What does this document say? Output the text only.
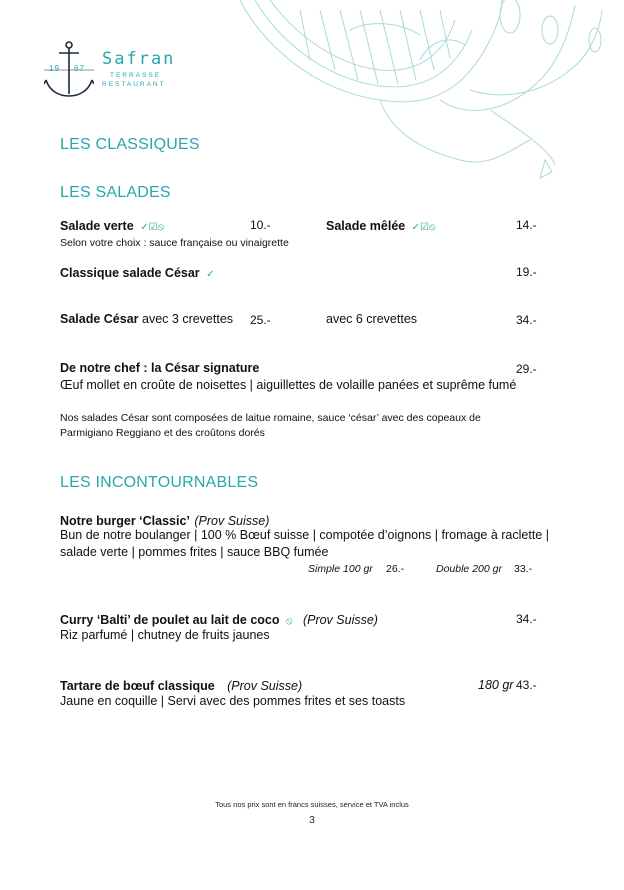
19 67 Safran
TERRASSE
RESTAURANT
LES CLASSIQUES
LES SALADES
Salade verte ✓☑⦸	10.-	Salade mêlée ✓☑⦸	14.-
Selon votre choix : sauce française ou vinaigrette
Classique salade César ✓	19.-
Salade César avec 3 crevettes 25.-	avec 6 crevettes	34.-
De notre chef : la César signature	29.-
Œuf mollet en croûte de noisettes | aiguillettes de volaille panées et suprême fumé
Nos salades César sont composées de laitue romaine, sauce ‘césar’ avec des copeaux de
Parmigiano Reggiano et des croûtons dorés
LES INCONTOURNABLES
Notre burger ‘Classic’ (Prov Suisse)
Bun de notre boulanger | 100 % Bœuf suisse | compotée d’oignons | fromage à raclette |
salade verte | pommes frites | sauce BBQ fumée
Simple 100 gr 26.-	Double 200 gr 33.-
Curry ‘Balti’ de poulet au lait de coco ⦸ (Prov Suisse)	34.-
Riz parfumé | chutney de fruits jaunes
Tartare de bœuf classique (Prov Suisse)	180 gr 43.-
Jaune en coquille | Servi avec des pommes frites et ses toasts
Tous nos prix sont en francs suisses, service et TVA inclus
3
